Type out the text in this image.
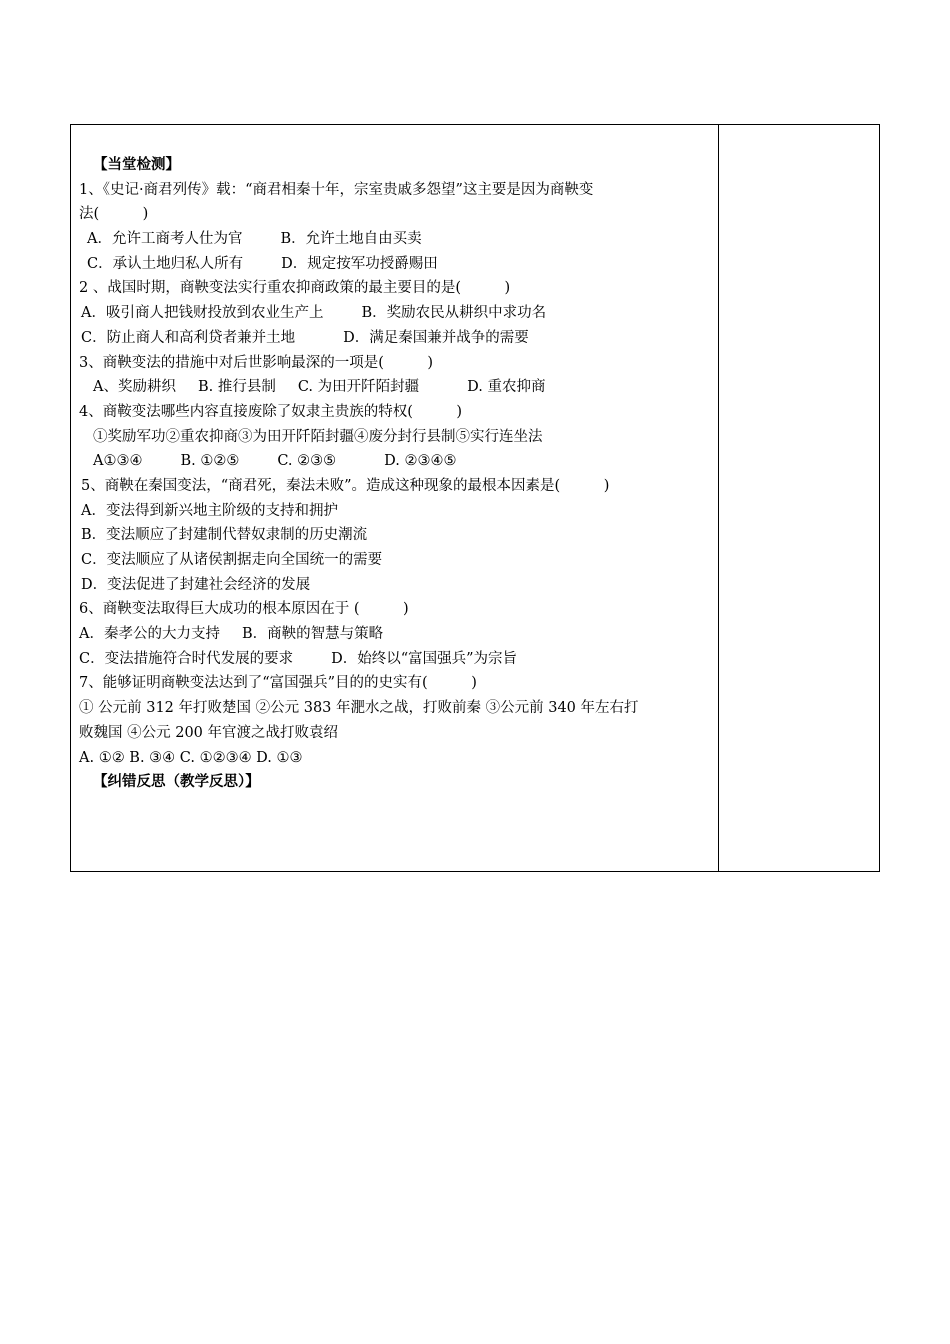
【当堂检测】
1、《史记·商君列传》载：“商君相秦十年，宗室贵戚多怨望”这主要是因为商鞅变
法(　　　)
A．允许工商考人仕为官	B．允许土地自由买卖
C．承认土地归私人所有	D．规定按军功授爵赐田
2 、战国时期，商鞅变法实行重农抑商政策的最主要目的是(　　　)
A．吸引商人把钱财投放到农业生产上	B．奖励农民从耕织中求功名
C．防止商人和高利贷者兼并土地	D．满足秦国兼并战争的需要
3、商鞅变法的措施中对后世影响最深的一项是(　　　)
A、奖励耕织 B. 推行县制 C. 为田开阡陌封疆	D. 重农抑商
4、商鞍变法哪些内容直接废除了奴隶主贵族的特权(　　　)
①奖励军功②重农抑商③为田开阡陌封疆④废分封行县制⑤实行连坐法
A①③④	B. ①②⑤	C. ②③⑤	D. ②③④⑤
5、商鞅在秦国变法，“商君死，秦法未败”。造成这种现象的最根本因素是(　　　)
A．变法得到新兴地主阶级的支持和拥护
B．变法顺应了封建制代替奴隶制的历史潮流
C．变法顺应了从诸侯割据走向全国统一的需要
D．变法促进了封建社会经济的发展
6、商鞅变法取得巨大成功的根本原因在于 (　　　)
A．秦孝公的大力支持 B．商鞅的智慧与策略
C．变法措施符合时代发展的要求	D．始终以“富国强兵”为宗旨
7、能够证明商鞅变法达到了“富国强兵”目的的史实有(　　　)
① 公元前 312 年打败楚国 ②公元 383 年淝水之战，打败前秦 ③公元前 340 年左右打
败魏国 ④公元 200 年官渡之战打败袁绍
A. ①② B. ③④ C. ①②③④ D. ①③
【纠错反思（教学反思）】
